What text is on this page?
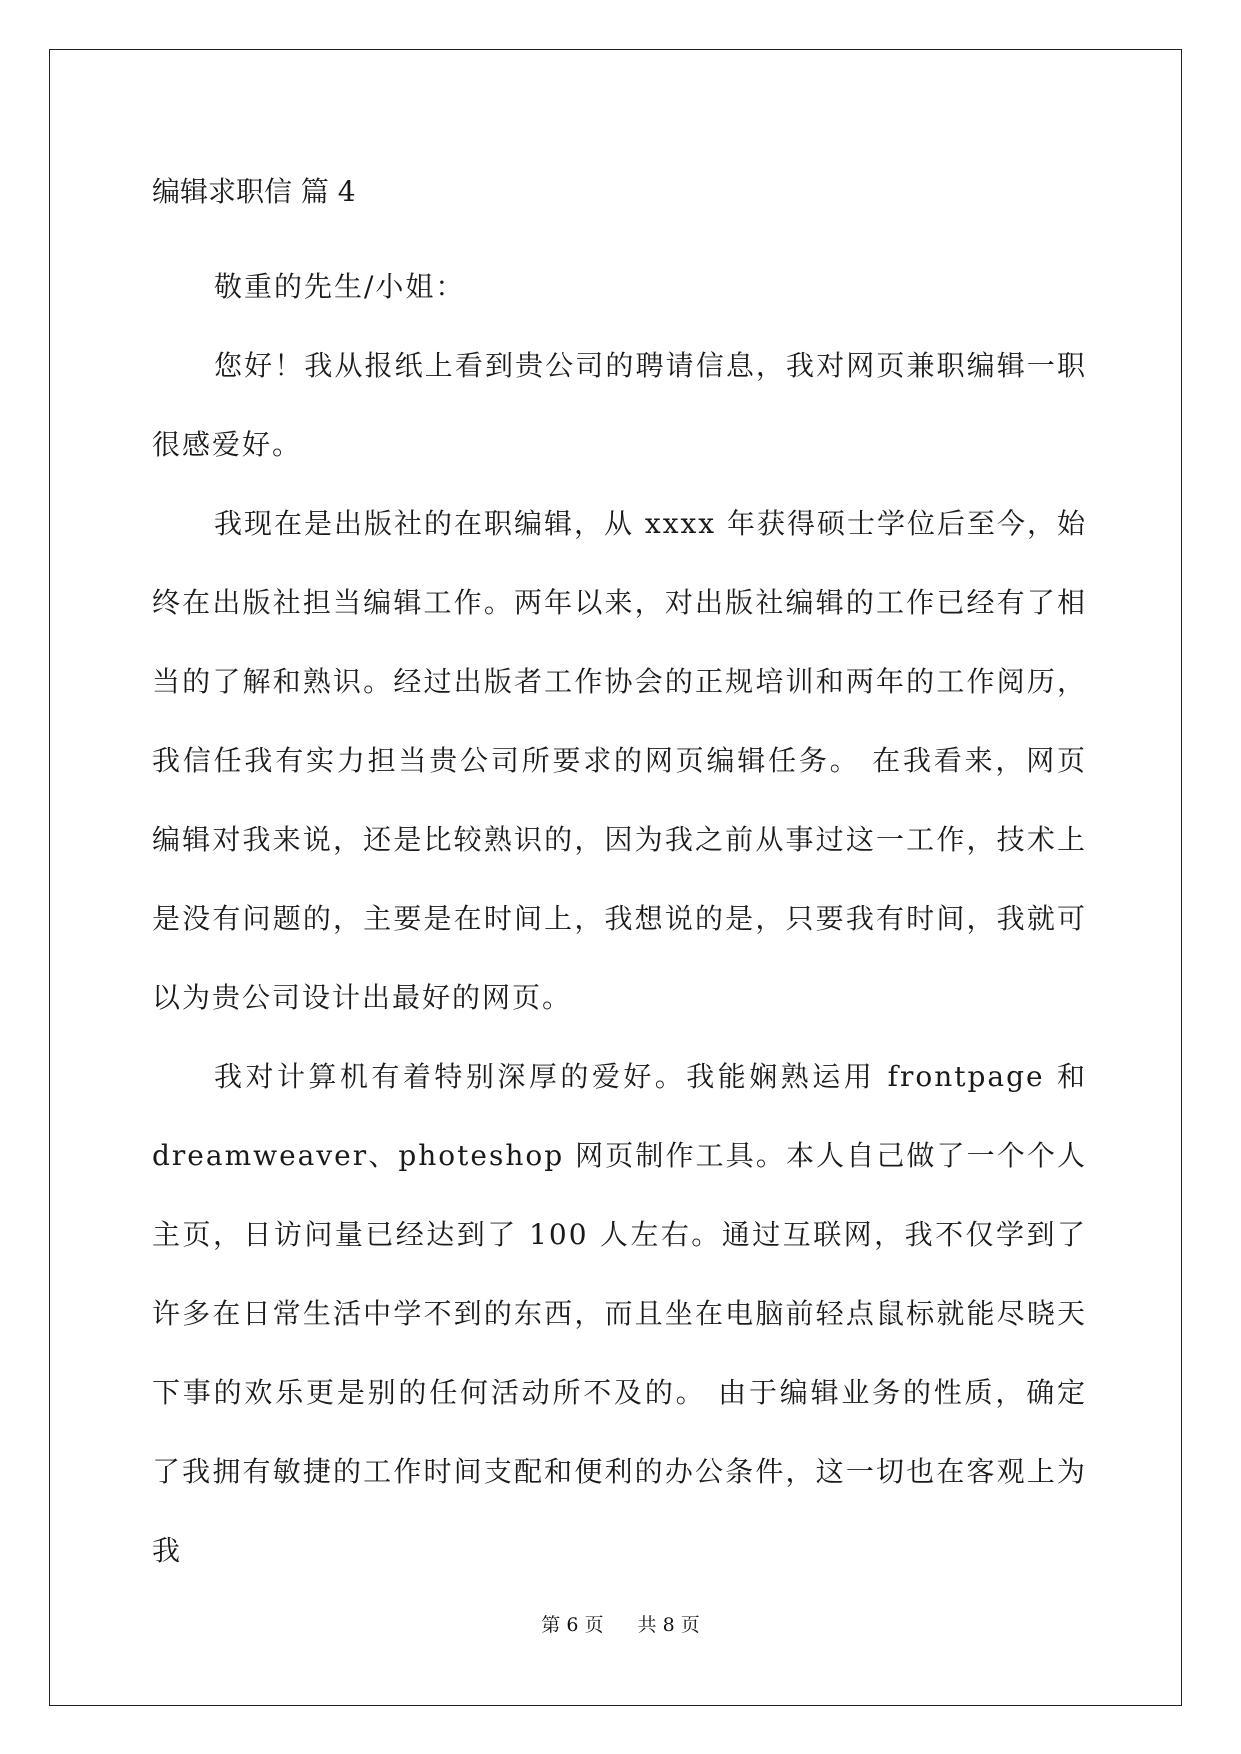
编辑求职信 篇 4

敬重的先生/小姐：

您好！我从报纸上看到贵公司的聘请信息，我对网页兼职编辑一职很感爱好。

我现在是出版社的在职编辑，从 xxxx 年获得硕士学位后至今，始终在出版社担当编辑工作。两年以来，对出版社编辑的工作已经有了相当的了解和熟识。经过出版者工作协会的正规培训和两年的工作阅历，我信任我有实力担当贵公司所要求的网页编辑任务。 在我看来，网页编辑对我来说，还是比较熟识的，因为我之前从事过这一工作，技术上是没有问题的，主要是在时间上，我想说的是，只要我有时间，我就可以为贵公司设计出最好的网页。

我对计算机有着特别深厚的爱好。我能娴熟运用 frontpage 和dreamweaver、photeshop 网页制作工具。本人自己做了一个个人主页，日访问量已经达到了 100 人左右。通过互联网，我不仅学到了许多在日常生活中学不到的东西，而且坐在电脑前轻点鼠标就能尽晓天下事的欢乐更是别的任何活动所不及的。 由于编辑业务的性质，确定了我拥有敏捷的工作时间支配和便利的办公条件，这一切也在客观上为我

第 6 页 共 8 页
